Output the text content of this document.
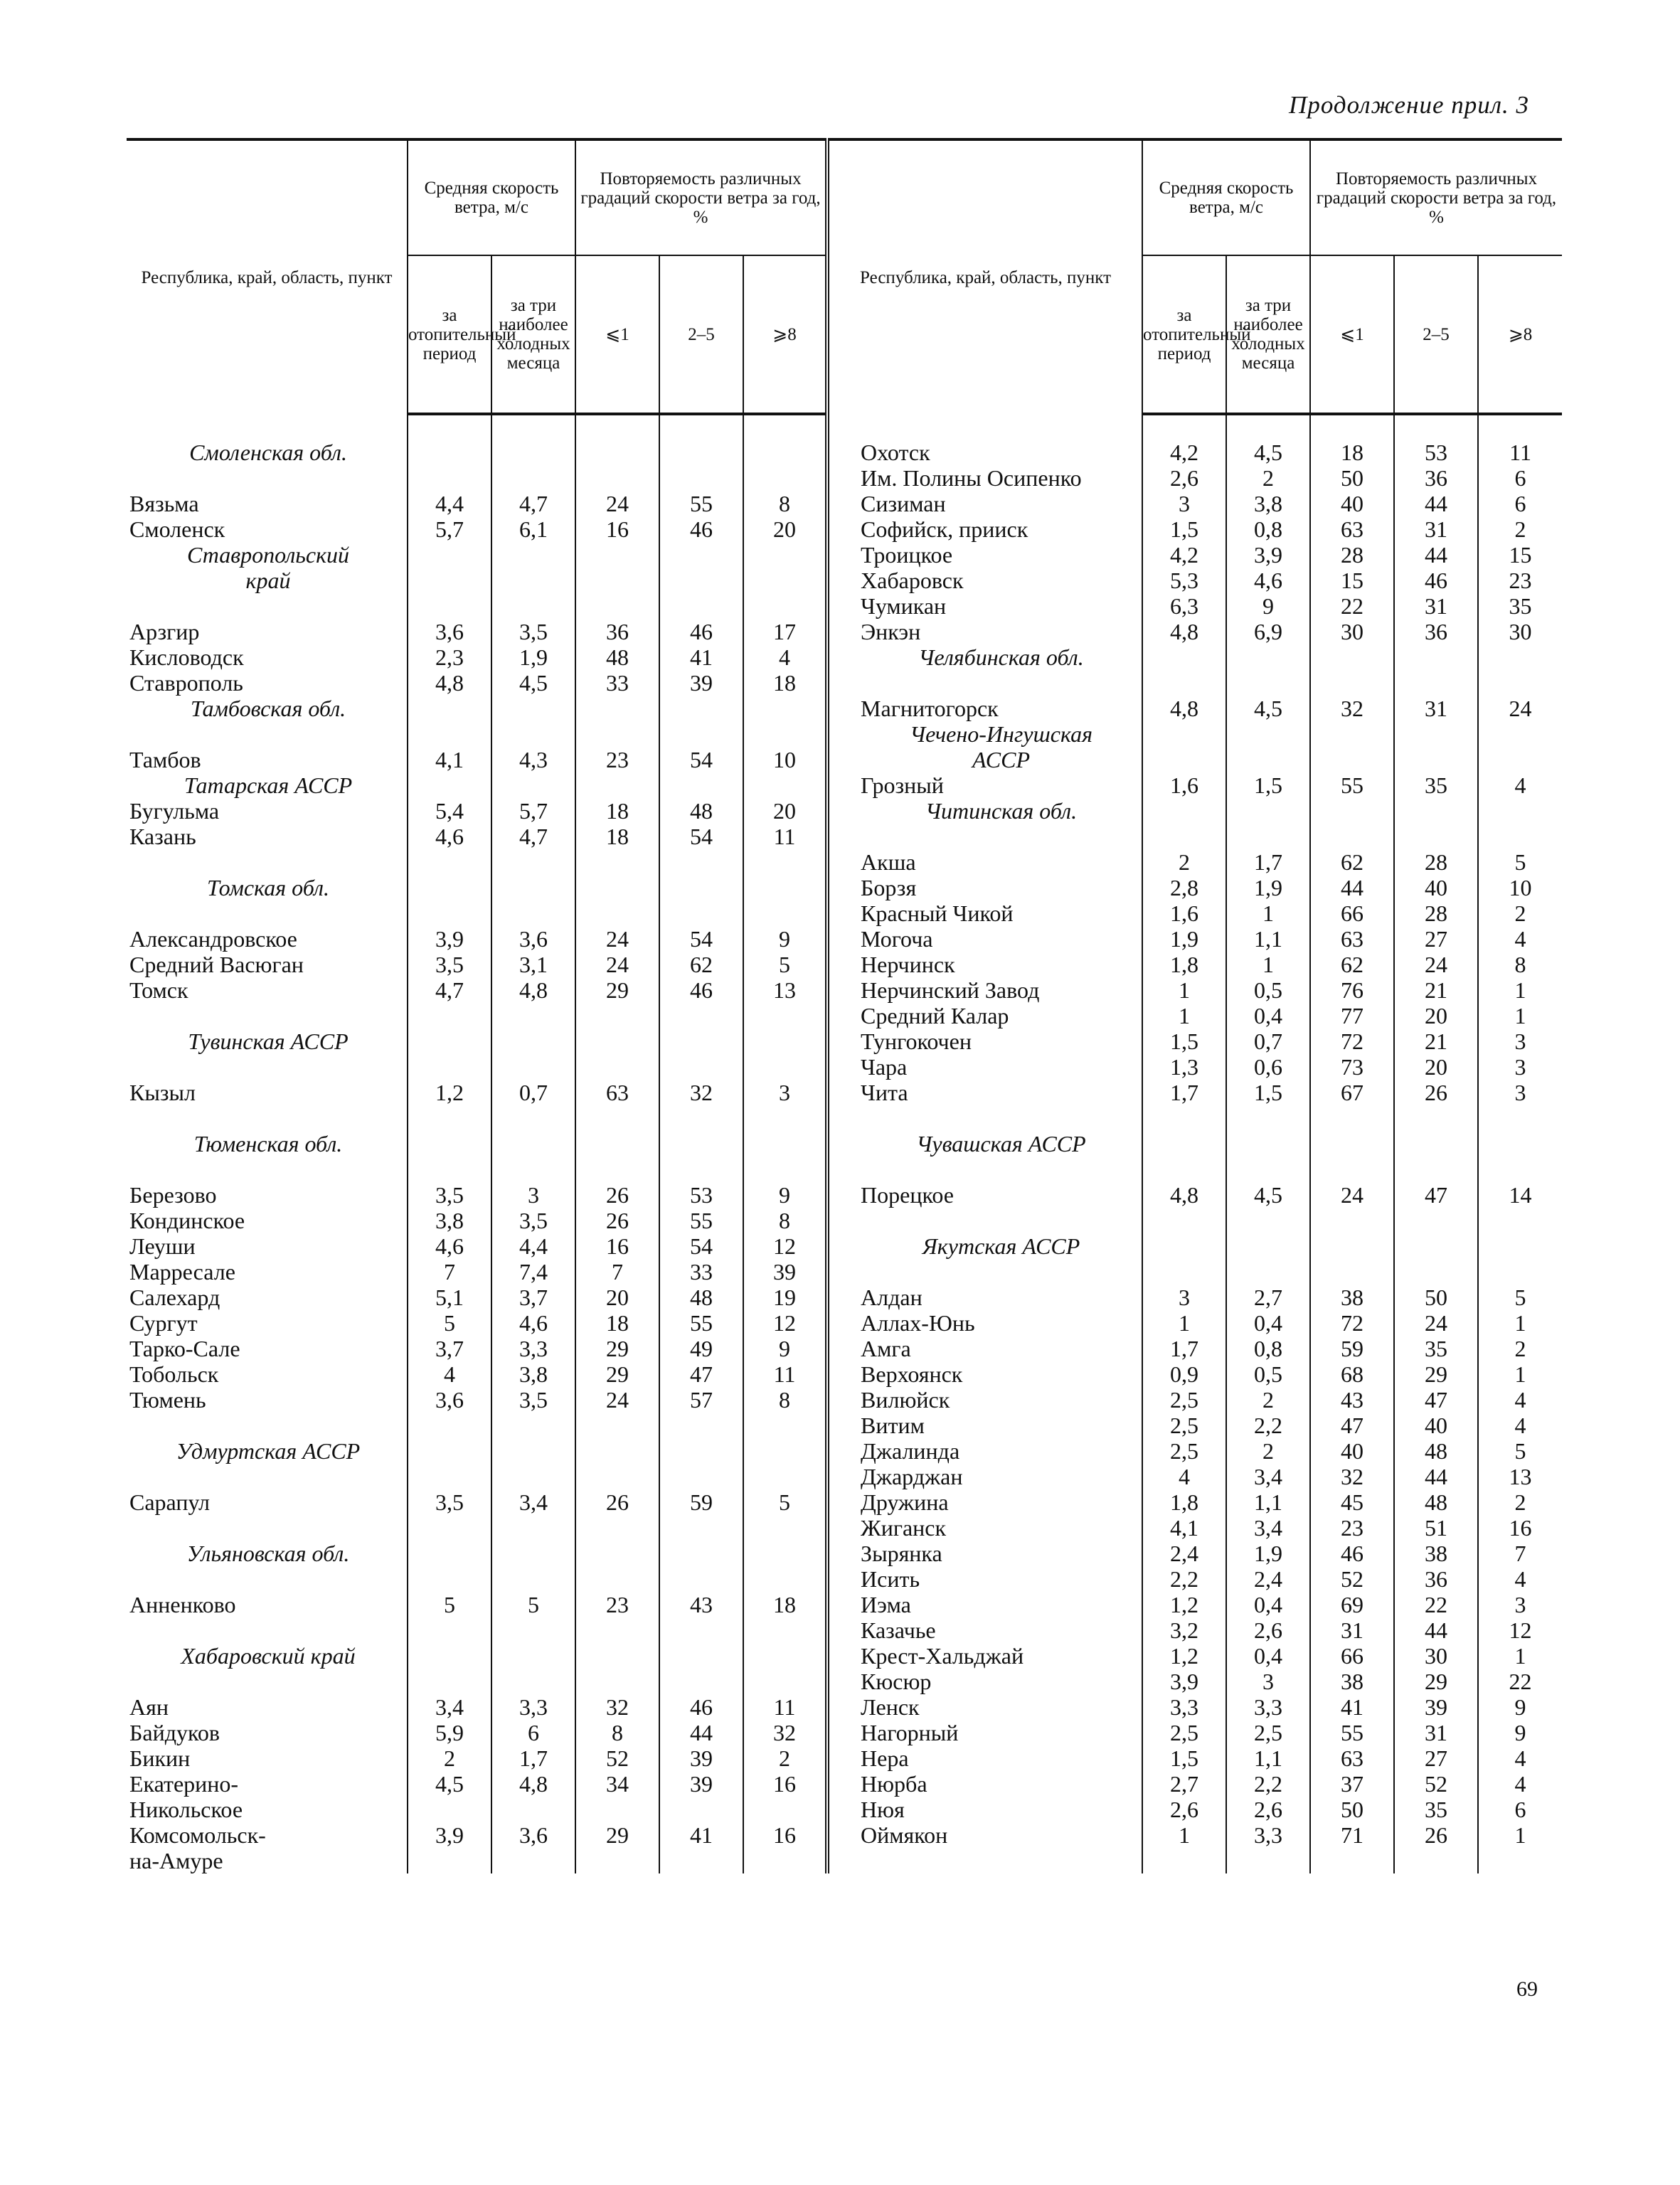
Продолжение прил. 3
Республика, край, область, пункт	Средняя скорость ветра, м/с		Повторяемость различных градаций скорости ветра за год, %			Республика, край, область, пункт	Средняя скорость ветра, м/с		Повторяемость различных градаций скорости ветра за год, %		
	за отопительный период	за три наиболее холодных месяца	⩽1	2–5	⩾8		за отопительный период	за три наиболее холодных месяца	⩽1	2–5	⩾8

Смоленская обл.						Охотск	4,2	4,5	18	53	11
						Им. Полины Осипенко	2,6	2	50	36	6
Вязьма	4,4	4,7	24	55	8	Сизиман	3	3,8	40	44	6
Смоленск	5,7	6,1	16	46	20	Софийск, прииск	1,5	0,8	63	31	2
Ставропольский						Троицкое	4,2	3,9	28	44	15
край						Хабаровск	5,3	4,6	15	46	23
						Чумикан	6,3	9	22	31	35
Арзгир	3,6	3,5	36	46	17	Энкэн	4,8	6,9	30	36	30
Кисловодск	2,3	1,9	48	41	4	Челябинская обл.					
Ставрополь	4,8	4,5	33	39	18						
Тамбовская обл.						Магнитогорск	4,8	4,5	32	31	24
						Чечено-Ингушская					
Тамбов	4,1	4,3	23	54	10	АССР					
Татарская АССР						Грозный	1,6	1,5	55	35	4
Бугульма	5,4	5,7	18	48	20	Читинская обл.					
Казань	4,6	4,7	18	54	11						
						Акша	2	1,7	62	28	5
Томская обл.						Борзя	2,8	1,9	44	40	10
						Красный Чикой	1,6	1	66	28	2
Александровское	3,9	3,6	24	54	9	Могоча	1,9	1,1	63	27	4
Средний Васюган	3,5	3,1	24	62	5	Нерчинск	1,8	1	62	24	8
Томск	4,7	4,8	29	46	13	Нерчинский Завод	1	0,5	76	21	1
						Средний Калар	1	0,4	77	20	1
Тувинская АССР						Тунгокочен	1,5	0,7	72	21	3
						Чара	1,3	0,6	73	20	3
Кызыл	1,2	0,7	63	32	3	Чита	1,7	1,5	67	26	3

Тюменская обл.						Чувашская АССР					

Березово	3,5	3	26	53	9	Порецкое	4,8	4,5	24	47	14
Кондинское	3,8	3,5	26	55	8						
Леуши	4,6	4,4	16	54	12	Якутская АССР					
Марресале	7	7,4	7	33	39						
Салехард	5,1	3,7	20	48	19	Алдан	3	2,7	38	50	5
Сургут	5	4,6	18	55	12	Аллах-Юнь	1	0,4	72	24	1
Тарко-Сале	3,7	3,3	29	49	9	Амга	1,7	0,8	59	35	2
Тобольск	4	3,8	29	47	11	Верхоянск	0,9	0,5	68	29	1
Тюмень	3,6	3,5	24	57	8	Вилюйск	2,5	2	43	47	4
						Витим	2,5	2,2	47	40	4
Удмуртская АССР						Джалинда	2,5	2	40	48	5
						Джарджан	4	3,4	32	44	13
Сарапул	3,5	3,4	26	59	5	Дружина	1,8	1,1	45	48	2
						Жиганск	4,1	3,4	23	51	16
Ульяновская обл.						Зырянка	2,4	1,9	46	38	7
						Исить	2,2	2,4	52	36	4
Анненково	5	5	23	43	18	Иэма	1,2	0,4	69	22	3
						Казачье	3,2	2,6	31	44	12
Хабаровский край						Крест-Хальджай	1,2	0,4	66	30	1
						Кюсюр	3,9	3	38	29	22
Аян	3,4	3,3	32	46	11	Ленск	3,3	3,3	41	39	9
Байдуков	5,9	6	8	44	32	Нагорный	2,5	2,5	55	31	9
Бикин	2	1,7	52	39	2	Нера	1,5	1,1	63	27	4
Екатерино-	4,5	4,8	34	39	16	Нюрба	2,7	2,2	37	52	4
Никольское						Нюя	2,6	2,6	50	35	6
Комсомольск-	3,9	3,6	29	41	16	Оймякон	1	3,3	71	26	1
на-Амуре											
69
